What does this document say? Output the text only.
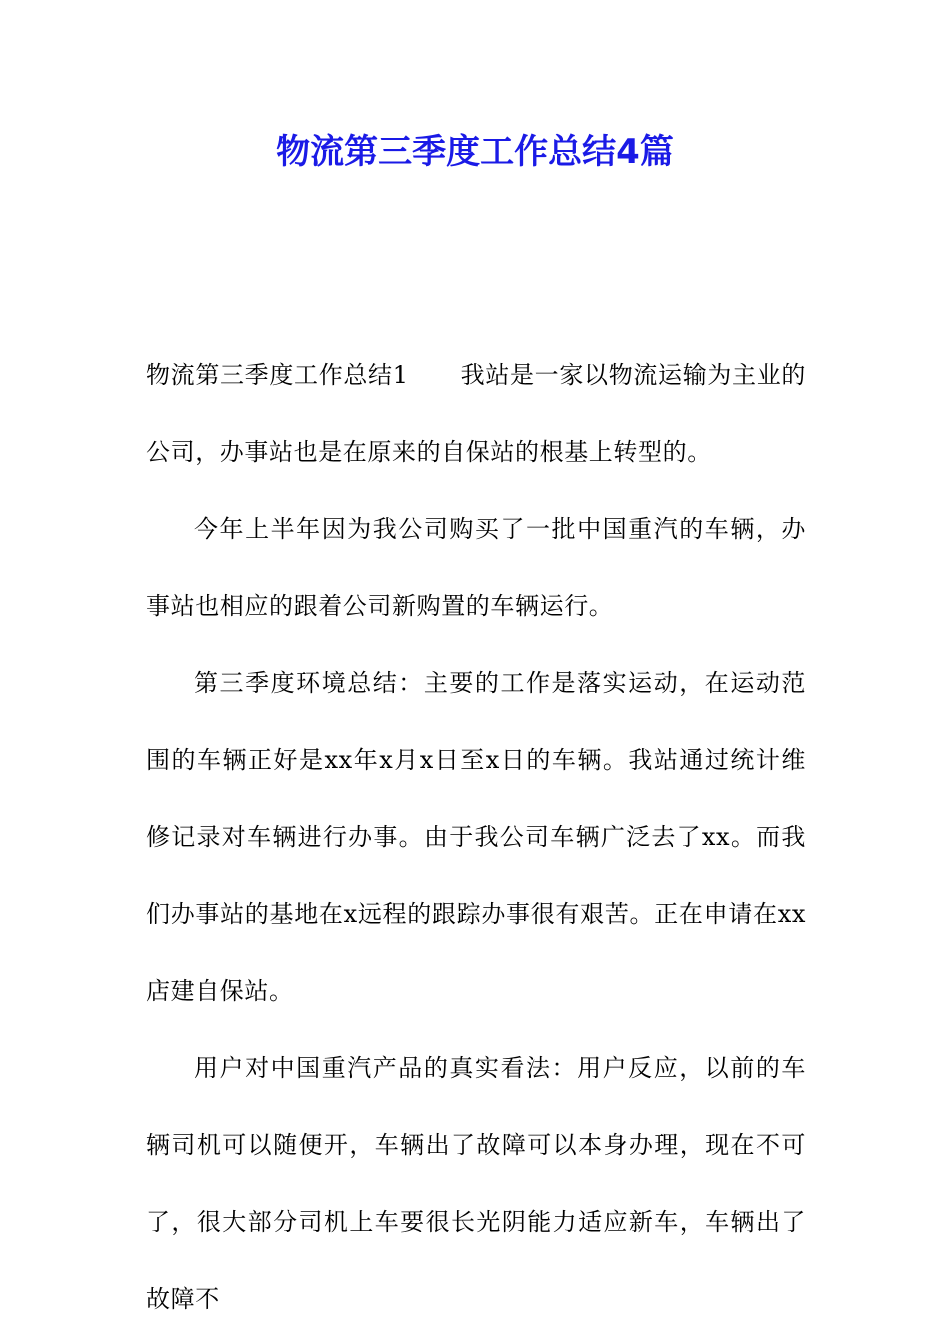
物流第三季度工作总结4篇

物流第三季度工作总结1 我站是一家以物流运输为主业的公司，办事站也是在原来的自保站的根基上转型的。

今年上半年因为我公司购买了一批中国重汽的车辆，办事站也相应的跟着公司新购置的车辆运行。

第三季度环境总结：主要的工作是落实运动，在运动范围的车辆正好是xx年x月x日至x日的车辆。我站通过统计维修记录对车辆进行办事。由于我公司车辆广泛去了xx。而我们办事站的基地在x远程的跟踪办事很有艰苦。正在申请在xx店建自保站。

用户对中国重汽产品的真实看法：用户反应，以前的车辆司机可以随便开，车辆出了故障可以本身办理，现在不可了，很大部分司机上车要很长光阴能力适应新车，车辆出了故障不
